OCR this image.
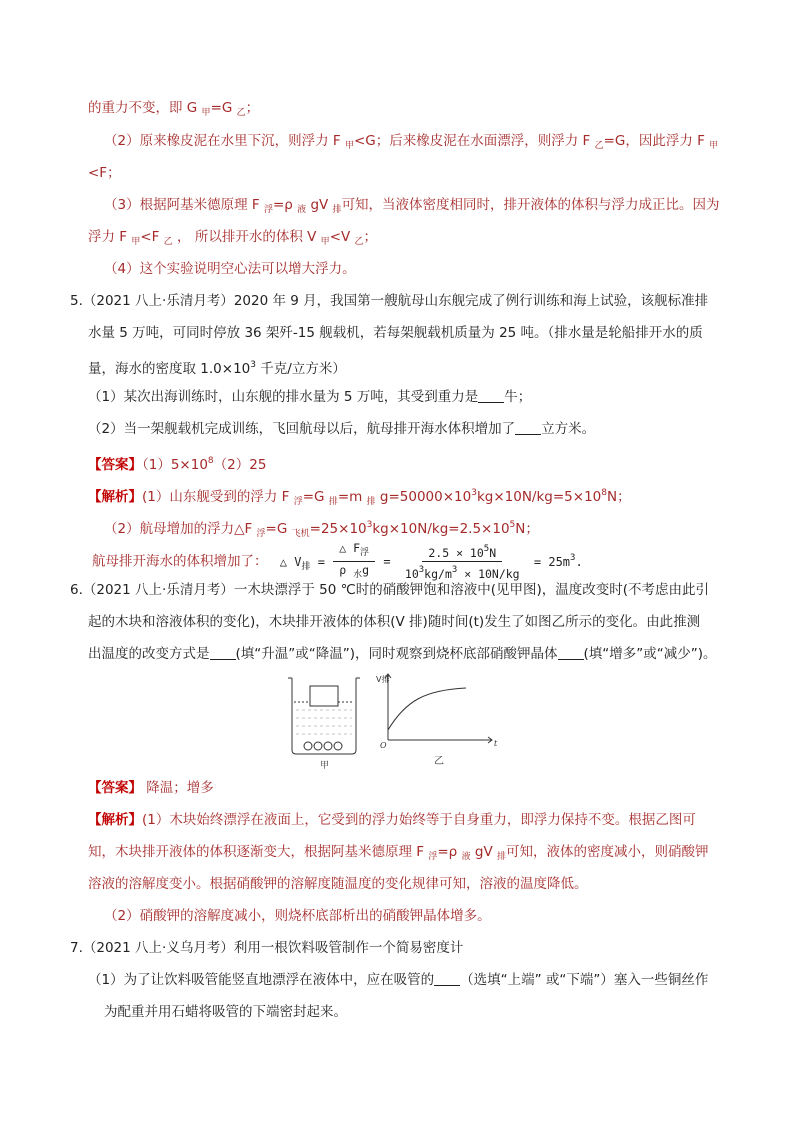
的重力不变，即 G $_甲$=G $_乙$；
（2）原来橡皮泥在水里下沉，则浮力 F $_甲$<G；后来橡皮泥在水面漂浮，则浮力 F $_乙$=G，因此浮力 F $_甲$
<F；
（3）根据阿基米德原理 F $_浮$=ρ $_液$ gV $_排$可知，当液体密度相同时，排开液体的体积与浮力成正比。因为
浮力 F $_甲$<F $_乙$ ， 所以排开水的体积 V $_甲$<V $_乙$；
（4）这个实验说明空心法可以增大浮力。
5.（2021 八上·乐清月考）2020 年 9 月，我国第一艘航母山东舰完成了例行训练和海上试验，该舰标准排
水量 5 万吨，可同时停放 36 架歼-15 舰载机，若每架舰载机质量为 25 吨。（排水量是轮船排开水的质
量，海水的密度取 $1.0\times 10^3$ 千克/立方米）
（1）某次出海训练时，山东舰的排水量为 5 万吨，其受到重力是 牛；
（2）当一架舰载机完成训练，飞回航母以后，航母排开海水体积增加了 立方米。
【答案】$(1)5\times 10^8(2)25$
【解析】(1）山东舰受到的浮力 F $_浮$=G $_排$=m $_排$ $g=50000\times 10^3kg\times 10N/kg=5\times 10^8N$；
（2）航母增加的浮力△F $_浮$=G $_{飞机}=25\times 10^3kg\times 10N/kg=2.5\times 10^5N$；
航母排开海水的体积增加了： △ $V_排 = \frac{\triangle F_浮}{\rho _水g} = \frac{2.5 \times 10^5N}{10^3kg/m^3 \times 10N/kg} = 25m^3$.
6.（2021 八上·乐清月考）一木块漂浮于 50 ℃时的硝酸钾饱和溶液中(见甲图)，温度改变时(不考虑由此引
起的木块和溶液体积的变化)，木块排开液体的体积(V 排)随时间(t)发生了如图乙所示的变化。由此推测
出温度的改变方式是 (填“升温”或“降温”)，同时观察到烧杯底部硝酸钾晶体 (填“增多”或“减少”)。
甲
V排
t
O
乙
【答案】 降温；增多
【解析】(1）木块始终漂浮在液面上，它受到的浮力始终等于自身重力，即浮力保持不变。根据乙图可
知，木块排开液体的体积逐渐变大，根据阿基米德原理 F $_浮$=ρ $_液$ gV $_排$可知，液体的密度减小，则硝酸钾
溶液的溶解度变小。根据硝酸钾的溶解度随温度的变化规律可知，溶液的温度降低。
（2）硝酸钾的溶解度减小，则烧杯底部析出的硝酸钾晶体增多。
7.（2021 八上·义乌月考）利用一根饮料吸管制作一个简易密度计
（1）为了让饮料吸管能竖直地漂浮在液体中，应在吸管的 （选填“上端” 或“下端”）塞入一些铜丝作
为配重并用石蜡将吸管的下端密封起来。
